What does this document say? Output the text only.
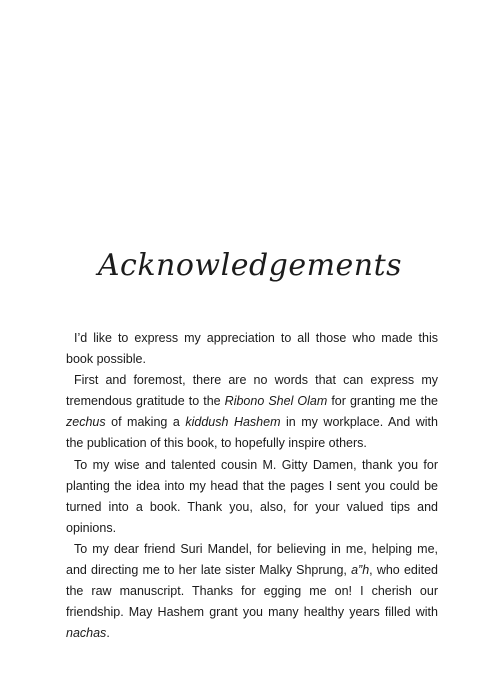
Acknowledgements

I’d like to express my appreciation to all those who made this book possible.

First and foremost, there are no words that can express my tremendous gratitude to the Ribono Shel Olam for granting me the zechus of making a kiddush Hashem in my workplace. And with the publication of this book, to hopefully inspire others.

To my wise and talented cousin M. Gitty Damen, thank you for planting the idea into my head that the pages I sent you could be turned into a book. Thank you, also, for your valued tips and opinions.

To my dear friend Suri Mandel, for believing in me, helping me, and directing me to her late sister Malky Shprung, a”h, who edited the raw manuscript. Thanks for egging me on! I cherish our friendship. May Hashem grant you many healthy years filled with nachas.
